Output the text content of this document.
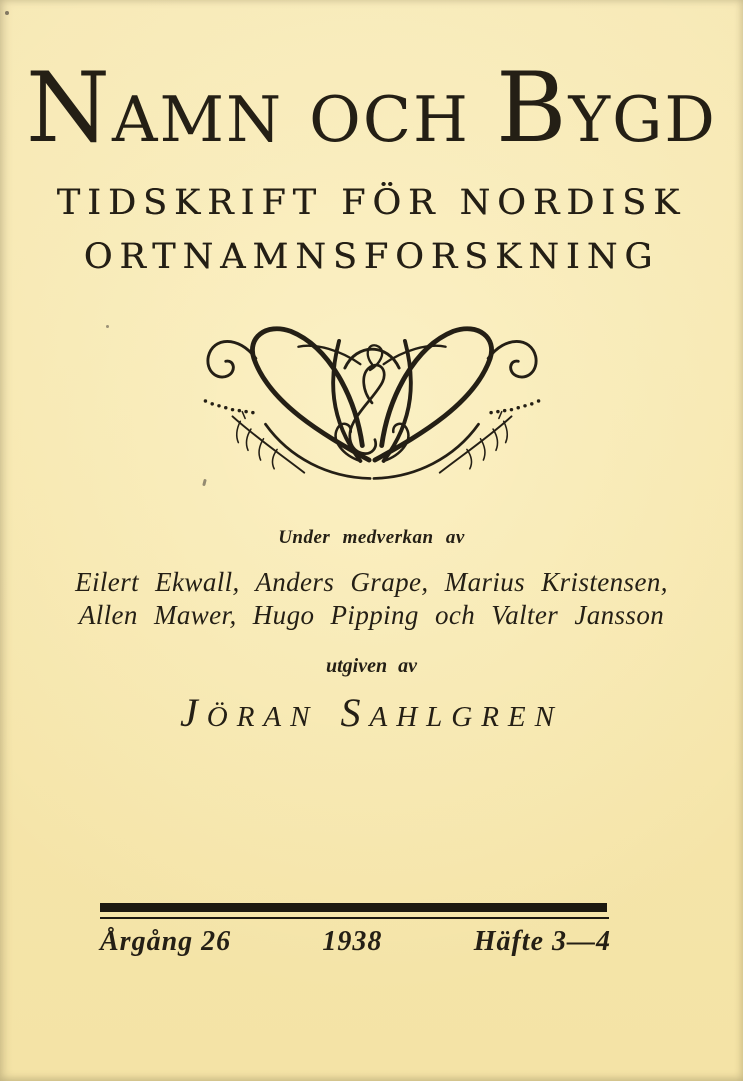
NAMN OCH BYGD
TIDSKRIFT FÖR NORDISK
ORTNAMNSFORSKNING
Under medverkan av
Eilert Ekwall, Anders Grape, Marius Kristensen,
Allen Mawer, Hugo Pipping och Valter Jansson
utgiven av
JÖRAN SAHLGREN
Årgång 26	1938	Häfte 3—4
